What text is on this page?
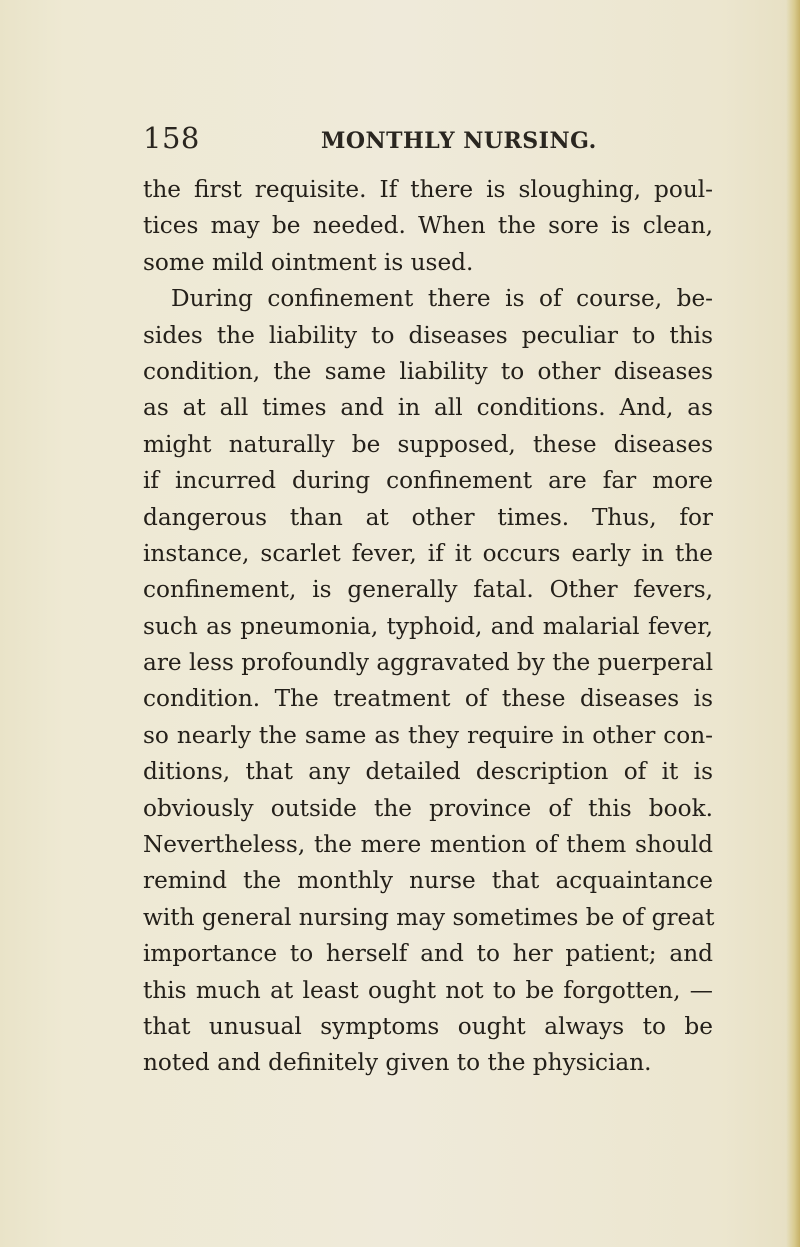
158	MONTHLY NURSING.
the first requisite. If there is sloughing, poul-
tices may be needed. When the sore is clean,
some mild ointment is used.
During confinement there is of course, be-
sides the liability to diseases peculiar to this
condition, the same liability to other diseases
as at all times and in all conditions. And, as
might naturally be supposed, these diseases
if incurred during confinement are far more
dangerous than at other times. Thus, for
instance, scarlet fever, if it occurs early in the
confinement, is generally fatal. Other fevers,
such as pneumonia, typhoid, and malarial fever,
are less profoundly aggravated by the puerperal
condition. The treatment of these diseases is
so nearly the same as they require in other con-
ditions, that any detailed description of it is
obviously outside the province of this book.
Nevertheless, the mere mention of them should
remind the monthly nurse that acquaintance
with general nursing may sometimes be of great
importance to herself and to her patient; and
this much at least ought not to be forgotten, —
that unusual symptoms ought always to be
noted and definitely given to the physician.
